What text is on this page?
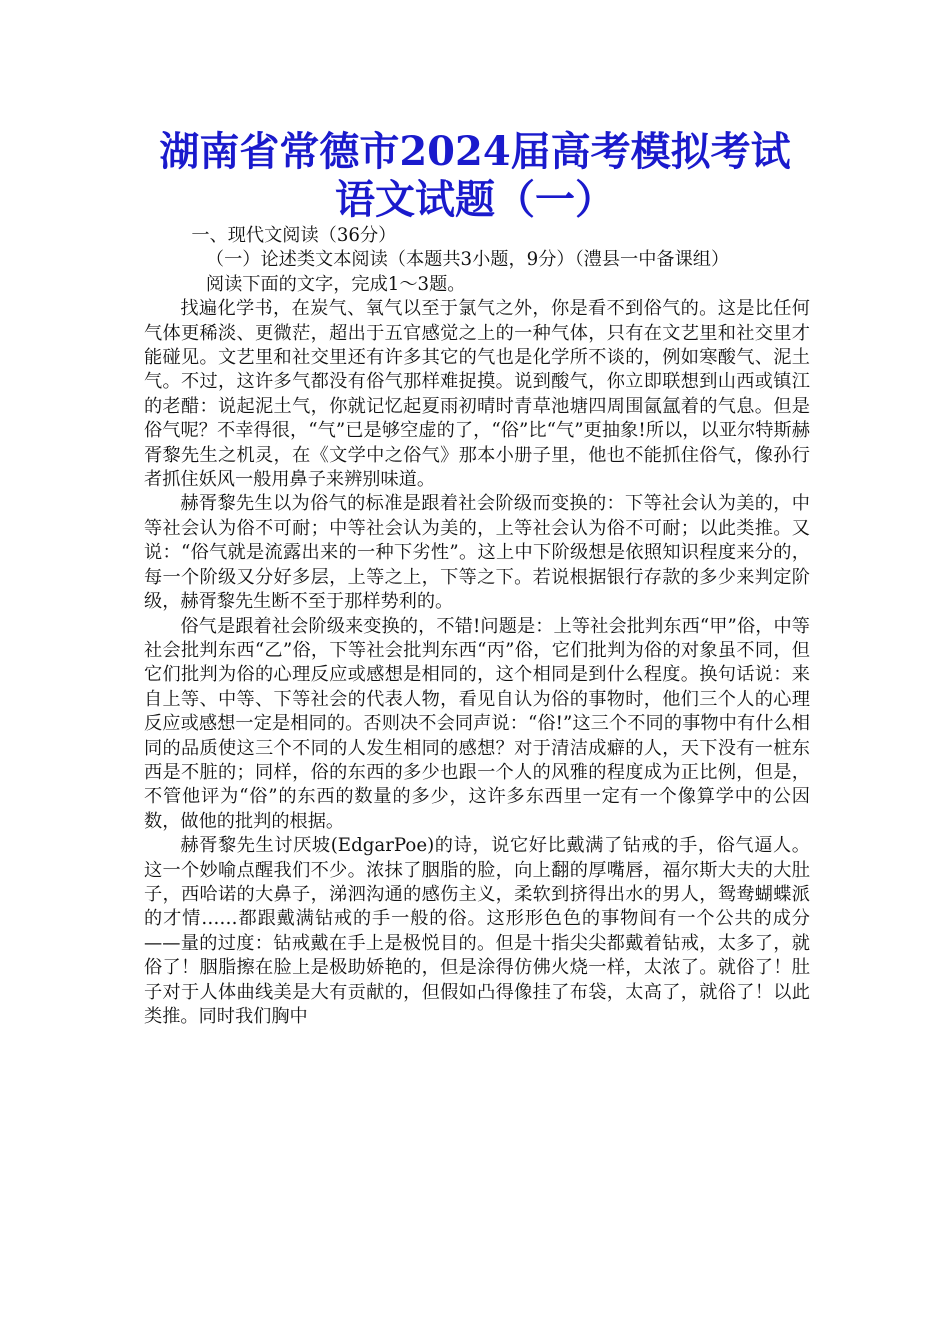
湖南省常德市2024届高考模拟考试
语文试题（一）

一、现代文阅读（36分）

（一）论述类文本阅读（本题共3小题，9分）（澧县一中备课组）

阅读下面的文字，完成1～3题。

找遍化学书，在炭气、氧气以至于氯气之外，你是看不到俗气的。这是比任何气体更稀淡、更微茫，超出于五官感觉之上的一种气体，只有在文艺里和社交里才能碰见。文艺里和社交里还有许多其它的气也是化学所不谈的，例如寒酸气、泥土气。不过，这许多气都没有俗气那样难捉摸。说到酸气，你立即联想到山西或镇江的老醋：说起泥土气，你就记忆起夏雨初晴时青草池塘四周围氤氲着的气息。但是俗气呢？不幸得很，“气”已是够空虚的了，“俗”比“气”更抽象!所以，以亚尔特斯赫胥黎先生之机灵，在《文学中之俗气》那本小册子里，他也不能抓住俗气，像孙行者抓住妖风一般用鼻子来辨别味道。

赫胥黎先生以为俗气的标准是跟着社会阶级而变换的：下等社会认为美的，中等社会认为俗不可耐；中等社会认为美的，上等社会认为俗不可耐；以此类推。又说：“俗气就是流露出来的一种下劣性”。这上中下阶级想是依照知识程度来分的，每一个阶级又分好多层，上等之上，下等之下。若说根据银行存款的多少来判定阶级，赫胥黎先生断不至于那样势利的。

俗气是跟着社会阶级来变换的，不错!问题是：上等社会批判东西“甲”俗，中等社会批判东西“乙”俗，下等社会批判东西“丙”俗，它们批判为俗的对象虽不同，但它们批判为俗的心理反应或感想是相同的，这个相同是到什么程度。换句话说：来自上等、中等、下等社会的代表人物，看见自认为俗的事物时，他们三个人的心理反应或感想一定是相同的。否则决不会同声说：“俗!”这三个不同的事物中有什么相同的品质使这三个不同的人发生相同的感想？对于清洁成癖的人，天下没有一桩东西是不脏的；同样，俗的东西的多少也跟一个人的风雅的程度成为正比例，但是，不管他评为“俗”的东西的数量的多少，这许多东西里一定有一个像算学中的公因数，做他的批判的根据。

赫胥黎先生讨厌坡(EdgarPoe)的诗，说它好比戴满了钻戒的手，俗气逼人。这一个妙喻点醒我们不少。浓抹了胭脂的脸，向上翻的厚嘴唇，福尔斯大夫的大肚子，西哈诺的大鼻子，涕泗沟通的感伤主义，柔软到挤得出水的男人，鸳鸯蝴蝶派的才情……都跟戴满钻戒的手一般的俗。这形形色色的事物间有一个公共的成分——量的过度：钻戒戴在手上是极悦目的。但是十指尖尖都戴着钻戒，太多了，就俗了！胭脂擦在脸上是极助娇艳的，但是涂得仿佛火烧一样，太浓了。就俗了！肚子对于人体曲线美是大有贡献的，但假如凸得像挂了布袋，太高了，就俗了！以此类推。同时我们胸中
